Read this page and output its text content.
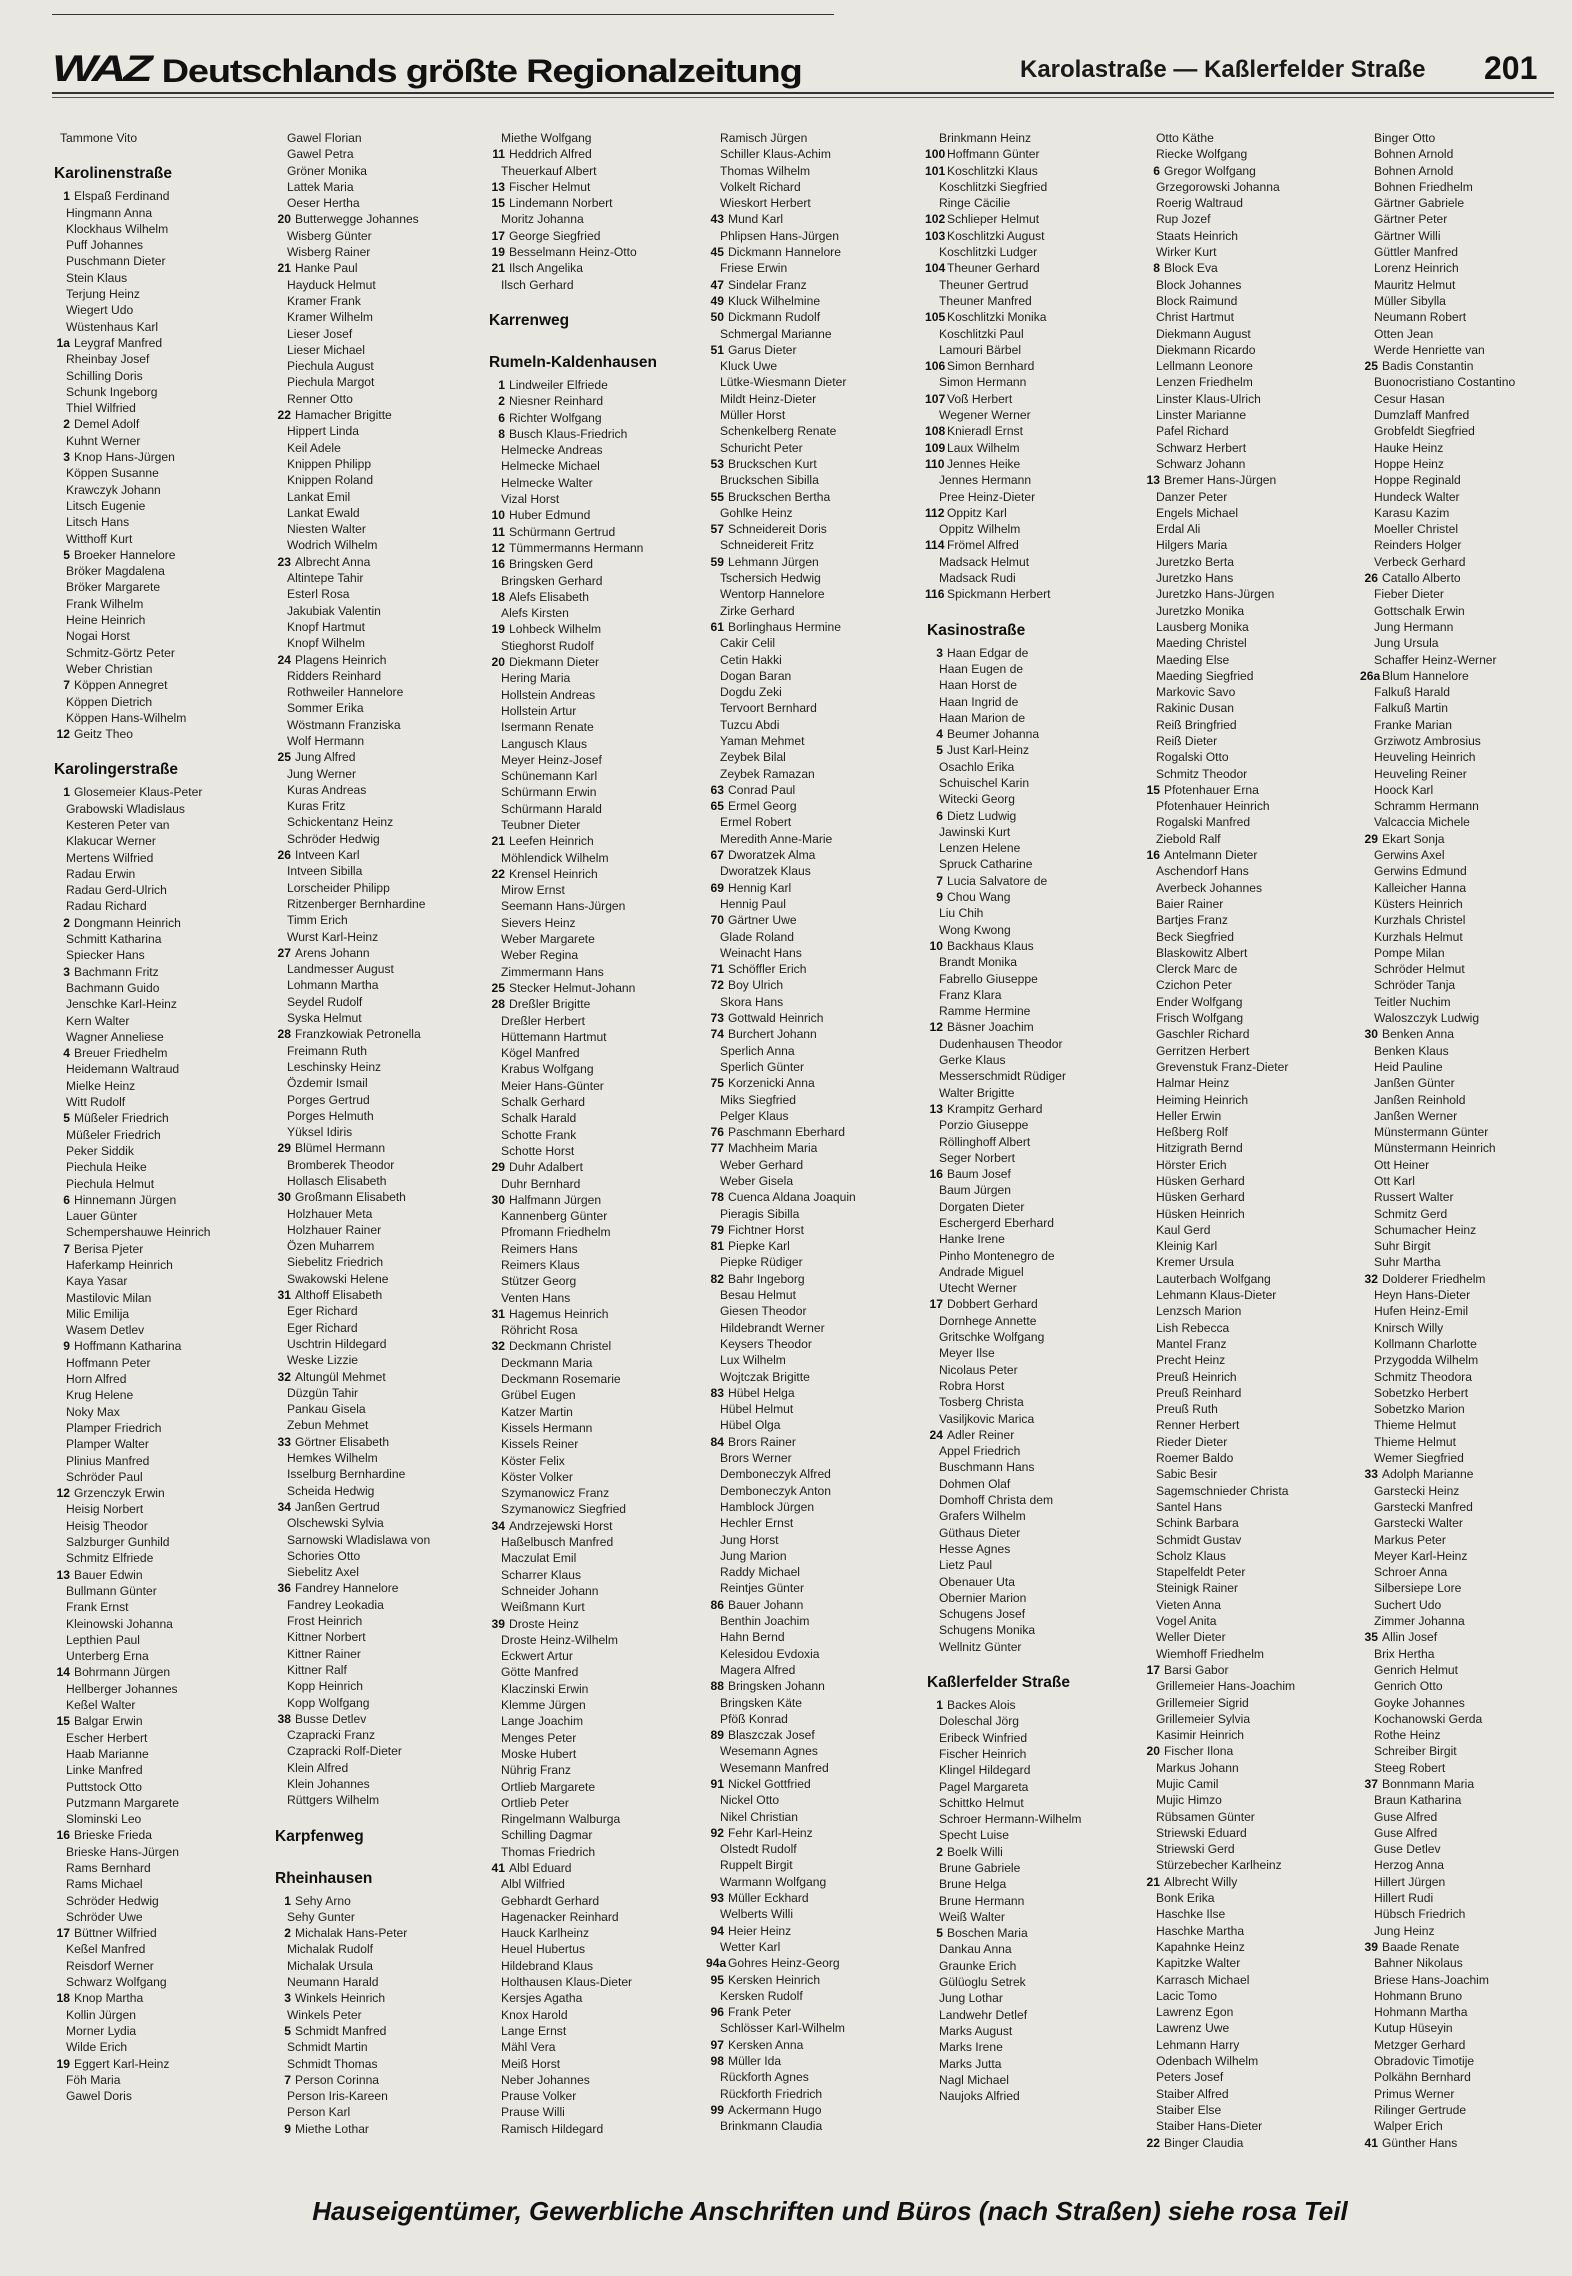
WAZ Deutschlands größte Regionalzeitung	Karolastraße — Kaßlerfelder Straße 201
Tammone Vito
Karolinenstraße
1 Elspaß Ferdinand
Hingmann Anna
Klockhaus Wilhelm
Puff Johannes
Puschmann Dieter
Stein Klaus
Terjung Heinz
Wiegert Udo
Wüstenhaus Karl
1a Leygraf Manfred
Rheinbay Josef
Schilling Doris
Schunk Ingeborg
Thiel Wilfried
2 Demel Adolf
Kuhnt Werner
3 Knop Hans-Jürgen
Köppen Susanne
Krawczyk Johann
Litsch Eugenie
Litsch Hans
Witthoff Kurt
5 Broeker Hannelore
Bröker Magdalena
Bröker Margarete
Frank Wilhelm
Heine Heinrich
Nogai Horst
Schmitz-Görtz Peter
Weber Christian
7 Köppen Annegret
Köppen Dietrich
Köppen Hans-Wilhelm
12 Geitz Theo
Karolingerstraße
1 Glosemeier Klaus-Peter
Grabowski Wladislaus
Kesteren Peter van
Klakucar Werner
Mertens Wilfried
Radau Erwin
Radau Gerd-Ulrich
Radau Richard
2 Dongmann Heinrich
Schmitt Katharina
Spiecker Hans
3 Bachmann Fritz
Bachmann Guido
Jenschke Karl-Heinz
Kern Walter
Wagner Anneliese
4 Breuer Friedhelm
Heidemann Waltraud
Mielke Heinz
Witt Rudolf
5 Müßeler Friedrich
Müßeler Friedrich
Peker Siddik
Piechula Heike
Piechula Helmut
6 Hinnemann Jürgen
Lauer Günter
Schempershauwe Heinrich
7 Berisa Pjeter
Haferkamp Heinrich
Kaya Yasar
Mastilovic Milan
Milic Emilija
Wasem Detlev
9 Hoffmann Katharina
Hoffmann Peter
Horn Alfred
Krug Helene
Noky Max
Plamper Friedrich
Plamper Walter
Plinius Manfred
Schröder Paul
12 Grzenczyk Erwin
Heisig Norbert
Heisig Theodor
Salzburger Gunhild
Schmitz Elfriede
13 Bauer Edwin
Bullmann Günter
Frank Ernst
Kleinowski Johanna
Lepthien Paul
Unterberg Erna
14 Bohrmann Jürgen
Hellberger Johannes
Keßel Walter
15 Balgar Erwin
Escher Herbert
Haab Marianne
Linke Manfred
Puttstock Otto
Putzmann Margarete
Slominski Leo
16 Brieske Frieda
Brieske Hans-Jürgen
Rams Bernhard
Rams Michael
Schröder Hedwig
Schröder Uwe
17 Büttner Wilfried
Keßel Manfred
Reisdorf Werner
Schwarz Wolfgang
18 Knop Martha
Kollin Jürgen
Morner Lydia
Wilde Erich
19 Eggert Karl-Heinz
Föh Maria
Gawel Doris
Gawel Florian
Gawel Petra
Gröner Monika
Lattek Maria
Oeser Hertha
20 Butterwegge Johannes
Wisberg Günter
Wisberg Rainer
21 Hanke Paul
Hayduck Helmut
Kramer Frank
Kramer Wilhelm
Lieser Josef
Lieser Michael
Piechula August
Piechula Margot
Renner Otto
22 Hamacher Brigitte
Hippert Linda
Keil Adele
Knippen Philipp
Knippen Roland
Lankat Emil
Lankat Ewald
Niesten Walter
Wodrich Wilhelm
23 Albrecht Anna
Altintepe Tahir
Esterl Rosa
Jakubiak Valentin
Knopf Hartmut
Knopf Wilhelm
24 Plagens Heinrich
Ridders Reinhard
Rothweiler Hannelore
Sommer Erika
Wöstmann Franziska
Wolf Hermann
25 Jung Alfred
Jung Werner
Kuras Andreas
Kuras Fritz
Schickentanz Heinz
Schröder Hedwig
26 Intveen Karl
Intveen Sibilla
Lorscheider Philipp
Ritzenberger Bernhardine
Timm Erich
Wurst Karl-Heinz
27 Arens Johann
Landmesser August
Lohmann Martha
Seydel Rudolf
Syska Helmut
28 Franzkowiak Petronella
Freimann Ruth
Leschinsky Heinz
Özdemir Ismail
Porges Gertrud
Porges Helmuth
Yüksel Idiris
29 Blümel Hermann
Bromberek Theodor
Hollasch Elisabeth
30 Großmann Elisabeth
Holzhauer Meta
Holzhauer Rainer
Özen Muharrem
Siebelitz Friedrich
Swakowski Helene
31 Althoff Elisabeth
Eger Richard
Eger Richard
Uschtrin Hildegard
Weske Lizzie
32 Altungül Mehmet
Düzgün Tahir
Pankau Gisela
Zebun Mehmet
33 Görtner Elisabeth
Hemkes Wilhelm
Isselburg Bernhardine
Scheida Hedwig
34 Janßen Gertrud
Olschewski Sylvia
Sarnowski Wladislawa von
Schories Otto
Siebelitz Axel
36 Fandrey Hannelore
Fandrey Leokadia
Frost Heinrich
Kittner Norbert
Kittner Rainer
Kittner Ralf
Kopp Heinrich
Kopp Wolfgang
38 Busse Detlev
Czapracki Franz
Czapracki Rolf-Dieter
Klein Alfred
Klein Johannes
Rüttgers Wilhelm
Karpfenweg
Rheinhausen
1 Sehy Arno
Sehy Gunter
2 Michalak Hans-Peter
Michalak Rudolf
Michalak Ursula
Neumann Harald
3 Winkels Heinrich
Winkels Peter
5 Schmidt Manfred
Schmidt Martin
Schmidt Thomas
7 Person Corinna
Person Iris-Kareen
Person Karl
9 Miethe Lothar
Miethe Wolfgang
11 Heddrich Alfred
Theuerkauf Albert
13 Fischer Helmut
15 Lindemann Norbert
Moritz Johanna
17 George Siegfried
19 Besselmann Heinz-Otto
21 Ilsch Angelika
Ilsch Gerhard
Karrenweg
Rumeln-Kaldenhausen
1 Lindweiler Elfriede
2 Niesner Reinhard
6 Richter Wolfgang
8 Busch Klaus-Friedrich
Helmecke Andreas
Helmecke Michael
Helmecke Walter
Vizal Horst
10 Huber Edmund
11 Schürmann Gertrud
12 Tümmermanns Hermann
16 Bringsken Gerd
Bringsken Gerhard
18 Alefs Elisabeth
Alefs Kirsten
19 Lohbeck Wilhelm
Stieghorst Rudolf
20 Diekmann Dieter
Hering Maria
Hollstein Andreas
Hollstein Artur
Isermann Renate
Langusch Klaus
Meyer Heinz-Josef
Schünemann Karl
Schürmann Erwin
Schürmann Harald
Teubner Dieter
21 Leefen Heinrich
Möhlendick Wilhelm
22 Krensel Heinrich
Mirow Ernst
Seemann Hans-Jürgen
Sievers Heinz
Weber Margarete
Weber Regina
Zimmermann Hans
25 Stecker Helmut-Johann
28 Dreßler Brigitte
Dreßler Herbert
Hüttemann Hartmut
Kögel Manfred
Krabus Wolfgang
Meier Hans-Günter
Schalk Gerhard
Schalk Harald
Schotte Frank
Schotte Horst
29 Duhr Adalbert
Duhr Bernhard
30 Halfmann Jürgen
Kannenberg Günter
Pfromann Friedhelm
Reimers Hans
Reimers Klaus
Stützer Georg
Venten Hans
31 Hagemus Heinrich
Röhricht Rosa
32 Deckmann Christel
Deckmann Maria
Deckmann Rosemarie
Grübel Eugen
Katzer Martin
Kissels Hermann
Kissels Reiner
Köster Felix
Köster Volker
Szymanowicz Franz
Szymanowicz Siegfried
34 Andrzejewski Horst
Haßelbusch Manfred
Maczulat Emil
Scharrer Klaus
Schneider Johann
Weißmann Kurt
39 Droste Heinz
Droste Heinz-Wilhelm
Eckwert Artur
Götte Manfred
Klaczinski Erwin
Klemme Jürgen
Lange Joachim
Menges Peter
Moske Hubert
Nührig Franz
Ortlieb Margarete
Ortlieb Peter
Ringelmann Walburga
Schilling Dagmar
Thomas Friedrich
41 Albl Eduard
Albl Wilfried
Gebhardt Gerhard
Hagenacker Reinhard
Hauck Karlheinz
Heuel Hubertus
Hildebrand Klaus
Holthausen Klaus-Dieter
Kersjes Agatha
Knox Harold
Lange Ernst
Mähl Vera
Meiß Horst
Neber Johannes
Prause Volker
Prause Willi
Ramisch Hildegard
Ramisch Jürgen
Schiller Klaus-Achim
Thomas Wilhelm
Volkelt Richard
Wieskort Herbert
43 Mund Karl
Phlipsen Hans-Jürgen
45 Dickmann Hannelore
Friese Erwin
47 Sindelar Franz
49 Kluck Wilhelmine
50 Dickmann Rudolf
Schmergal Marianne
51 Garus Dieter
Kluck Uwe
Lütke-Wiesmann Dieter
Mildt Heinz-Dieter
Müller Horst
Schenkelberg Renate
Schuricht Peter
53 Bruckschen Kurt
Bruckschen Sibilla
55 Bruckschen Bertha
Gohlke Heinz
57 Schneidereit Doris
Schneidereit Fritz
59 Lehmann Jürgen
Tschersich Hedwig
Wentorp Hannelore
Zirke Gerhard
61 Borlinghaus Hermine
Cakir Celil
Cetin Hakki
Dogan Baran
Dogdu Zeki
Tervoort Bernhard
Tuzcu Abdi
Yaman Mehmet
Zeybek Bilal
Zeybek Ramazan
63 Conrad Paul
65 Ermel Georg
Ermel Robert
Meredith Anne-Marie
67 Dworatzek Alma
Dworatzek Klaus
69 Hennig Karl
Hennig Paul
70 Gärtner Uwe
Glade Roland
Weinacht Hans
71 Schöffler Erich
72 Boy Ulrich
Skora Hans
73 Gottwald Heinrich
74 Burchert Johann
Sperlich Anna
Sperlich Günter
75 Korzenicki Anna
Miks Siegfried
Pelger Klaus
76 Paschmann Eberhard
77 Machheim Maria
Weber Gerhard
Weber Gisela
78 Cuenca Aldana Joaquin
Pieragis Sibilla
79 Fichtner Horst
81 Piepke Karl
Piepke Rüdiger
82 Bahr Ingeborg
Besau Helmut
Giesen Theodor
Hildebrandt Werner
Keysers Theodor
Lux Wilhelm
Wojtczak Brigitte
83 Hübel Helga
Hübel Helmut
Hübel Olga
84 Brors Rainer
Brors Werner
Demboneczyk Alfred
Demboneczyk Anton
Hamblock Jürgen
Hechler Ernst
Jung Horst
Jung Marion
Raddy Michael
Reintjes Günter
86 Bauer Johann
Benthin Joachim
Hahn Bernd
Kelesidou Evdoxia
Magera Alfred
88 Bringsken Johann
Bringsken Käte
Pföß Konrad
89 Blaszczak Josef
Wesemann Agnes
Wesemann Manfred
91 Nickel Gottfried
Nickel Otto
Nikel Christian
92 Fehr Karl-Heinz
Olstedt Rudolf
Ruppelt Birgit
Warmann Wolfgang
93 Müller Eckhard
Welberts Willi
94 Heier Heinz
Wetter Karl
94a Gohres Heinz-Georg
95 Kersken Heinrich
Kersken Rudolf
96 Frank Peter
Schlösser Karl-Wilhelm
97 Kersken Anna
98 Müller Ida
Rückforth Agnes
Rückforth Friedrich
99 Ackermann Hugo
Brinkmann Claudia
Brinkmann Heinz
100 Hoffmann Günter
101 Koschlitzki Klaus
Koschlitzki Siegfried
Ringe Cäcilie
102 Schlieper Helmut
103 Koschlitzki August
Koschlitzki Ludger
104 Theuner Gerhard
Theuner Gertrud
Theuner Manfred
105 Koschlitzki Monika
Koschlitzki Paul
Lamouri Bärbel
106 Simon Bernhard
Simon Hermann
107 Voß Herbert
Wegener Werner
108 Knieradl Ernst
109 Laux Wilhelm
110 Jennes Heike
Jennes Hermann
Pree Heinz-Dieter
112 Oppitz Karl
Oppitz Wilhelm
114 Frömel Alfred
Madsack Helmut
Madsack Rudi
116 Spickmann Herbert
Kasinostraße
3 Haan Edgar de
Haan Eugen de
Haan Horst de
Haan Ingrid de
Haan Marion de
4 Beumer Johanna
5 Just Karl-Heinz
Osachlo Erika
Schuischel Karin
Witecki Georg
6 Dietz Ludwig
Jawinski Kurt
Lenzen Helene
Spruck Catharine
7 Lucia Salvatore de
9 Chou Wang
Liu Chih
Wong Kwong
10 Backhaus Klaus
Brandt Monika
Fabrello Giuseppe
Franz Klara
Ramme Hermine
12 Bäsner Joachim
Dudenhausen Theodor
Gerke Klaus
Messerschmidt Rüdiger
Walter Brigitte
13 Krampitz Gerhard
Porzio Giuseppe
Röllinghoff Albert
Seger Norbert
16 Baum Josef
Baum Jürgen
Dorgaten Dieter
Eschergerd Eberhard
Hanke Irene
Pinho Montenegro de
Andrade Miguel
Utecht Werner
17 Dobbert Gerhard
Dornhege Annette
Gritschke Wolfgang
Meyer Ilse
Nicolaus Peter
Robra Horst
Tosberg Christa
Vasiljkovic Marica
24 Adler Reiner
Appel Friedrich
Buschmann Hans
Dohmen Olaf
Domhoff Christa dem
Grafers Wilhelm
Güthaus Dieter
Hesse Agnes
Lietz Paul
Obenauer Uta
Obernier Marion
Schugens Josef
Schugens Monika
Wellnitz Günter
Kaßlerfelder Straße
1 Backes Alois
Doleschal Jörg
Eribeck Winfried
Fischer Heinrich
Klingel Hildegard
Pagel Margareta
Schittko Helmut
Schroer Hermann-Wilhelm
Specht Luise
2 Boelk Willi
Brune Gabriele
Brune Helga
Brune Hermann
Weiß Walter
5 Boschen Maria
Dankau Anna
Graunke Erich
Gülüoglu Setrek
Jung Lothar
Landwehr Detlef
Marks August
Marks Irene
Marks Jutta
Nagl Michael
Naujoks Alfried
Otto Käthe
Riecke Wolfgang
6 Gregor Wolfgang
Grzegorowski Johanna
Roerig Waltraud
Rup Jozef
Staats Heinrich
Wirker Kurt
8 Block Eva
Block Johannes
Block Raimund
Christ Hartmut
Diekmann August
Diekmann Ricardo
Lellmann Leonore
Lenzen Friedhelm
Linster Klaus-Ulrich
Linster Marianne
Pafel Richard
Schwarz Herbert
Schwarz Johann
13 Bremer Hans-Jürgen
Danzer Peter
Engels Michael
Erdal Ali
Hilgers Maria
Juretzko Berta
Juretzko Hans
Juretzko Hans-Jürgen
Juretzko Monika
Lausberg Monika
Maeding Christel
Maeding Else
Maeding Siegfried
Markovic Savo
Rakinic Dusan
Reiß Bringfried
Reiß Dieter
Rogalski Otto
Schmitz Theodor
15 Pfotenhauer Erna
Pfotenhauer Heinrich
Rogalski Manfred
Ziebold Ralf
16 Antelmann Dieter
Aschendorf Hans
Averbeck Johannes
Baier Rainer
Bartjes Franz
Beck Siegfried
Blaskowitz Albert
Clerck Marc de
Czichon Peter
Ender Wolfgang
Frisch Wolfgang
Gaschler Richard
Gerritzen Herbert
Grevenstuk Franz-Dieter
Halmar Heinz
Heiming Heinrich
Heller Erwin
Heßberg Rolf
Hitzigrath Bernd
Hörster Erich
Hüsken Gerhard
Hüsken Gerhard
Hüsken Heinrich
Kaul Gerd
Kleinig Karl
Kremer Ursula
Lauterbach Wolfgang
Lehmann Klaus-Dieter
Lenzsch Marion
Lish Rebecca
Mantel Franz
Precht Heinz
Preuß Heinrich
Preuß Reinhard
Preuß Ruth
Renner Herbert
Rieder Dieter
Roemer Baldo
Sabic Besir
Sagemschnieder Christa
Santel Hans
Schink Barbara
Schmidt Gustav
Scholz Klaus
Stapelfeldt Peter
Steinigk Rainer
Vieten Anna
Vogel Anita
Weller Dieter
Wiemhoff Friedhelm
17 Barsi Gabor
Grillemeier Hans-Joachim
Grillemeier Sigrid
Grillemeier Sylvia
Kasimir Heinrich
20 Fischer Ilona
Markus Johann
Mujic Camil
Mujic Himzo
Rübsamen Günter
Striewski Eduard
Striewski Gerd
Stürzebecher Karlheinz
21 Albrecht Willy
Bonk Erika
Haschke Ilse
Haschke Martha
Kapahnke Heinz
Kapitzke Walter
Karrasch Michael
Lacic Tomo
Lawrenz Egon
Lawrenz Uwe
Lehmann Harry
Odenbach Wilhelm
Peters Josef
Staiber Alfred
Staiber Else
Staiber Hans-Dieter
22 Binger Claudia
Binger Otto
Bohnen Arnold
Bohnen Arnold
Bohnen Friedhelm
Gärtner Gabriele
Gärtner Peter
Gärtner Willi
Güttler Manfred
Lorenz Heinrich
Mauritz Helmut
Müller Sibylla
Neumann Robert
Otten Jean
Werde Henriette van
25 Badis Constantin
Buonocristiano Costantino
Cesur Hasan
Dumzlaff Manfred
Grobfeldt Siegfried
Hauke Heinz
Hoppe Heinz
Hoppe Reginald
Hundeck Walter
Karasu Kazim
Moeller Christel
Reinders Holger
Verbeck Gerhard
26 Catallo Alberto
Fieber Dieter
Gottschalk Erwin
Jung Hermann
Jung Ursula
Schaffer Heinz-Werner
26a Blum Hannelore
Falkuß Harald
Falkuß Martin
Franke Marian
Grziwotz Ambrosius
Heuveling Heinrich
Heuveling Reiner
Hoock Karl
Schramm Hermann
Valcaccia Michele
29 Ekart Sonja
Gerwins Axel
Gerwins Edmund
Kalleicher Hanna
Küsters Heinrich
Kurzhals Christel
Kurzhals Helmut
Pompe Milan
Schröder Helmut
Schröder Tanja
Teitler Nuchim
Waloszczyk Ludwig
30 Benken Anna
Benken Klaus
Heid Pauline
Janßen Günter
Janßen Reinhold
Janßen Werner
Münstermann Günter
Münstermann Heinrich
Ott Heiner
Ott Karl
Russert Walter
Schmitz Gerd
Schumacher Heinz
Suhr Birgit
Suhr Martha
32 Dolderer Friedhelm
Heyn Hans-Dieter
Hufen Heinz-Emil
Knirsch Willy
Kollmann Charlotte
Przygodda Wilhelm
Schmitz Theodora
Sobetzko Herbert
Sobetzko Marion
Thieme Helmut
Thieme Helmut
Wemer Siegfried
33 Adolph Marianne
Garstecki Heinz
Garstecki Manfred
Garstecki Walter
Markus Peter
Meyer Karl-Heinz
Schroer Anna
Silbersiepe Lore
Suchert Udo
Zimmer Johanna
35 Allin Josef
Brix Hertha
Genrich Helmut
Genrich Otto
Goyke Johannes
Kochanowski Gerda
Rothe Heinz
Schreiber Birgit
Steeg Robert
37 Bonnmann Maria
Braun Katharina
Guse Alfred
Guse Alfred
Guse Detlev
Herzog Anna
Hillert Jürgen
Hillert Rudi
Hübsch Friedrich
Jung Heinz
39 Baade Renate
Bahner Nikolaus
Briese Hans-Joachim
Hohmann Bruno
Hohmann Martha
Kutup Hüseyin
Metzger Gerhard
Obradovic Timotije
Polkähn Bernhard
Primus Werner
Rilinger Gertrude
Walper Erich
41 Günther Hans
Hauseigentümer, Gewerbliche Anschriften und Büros (nach Straßen) siehe rosa Teil
